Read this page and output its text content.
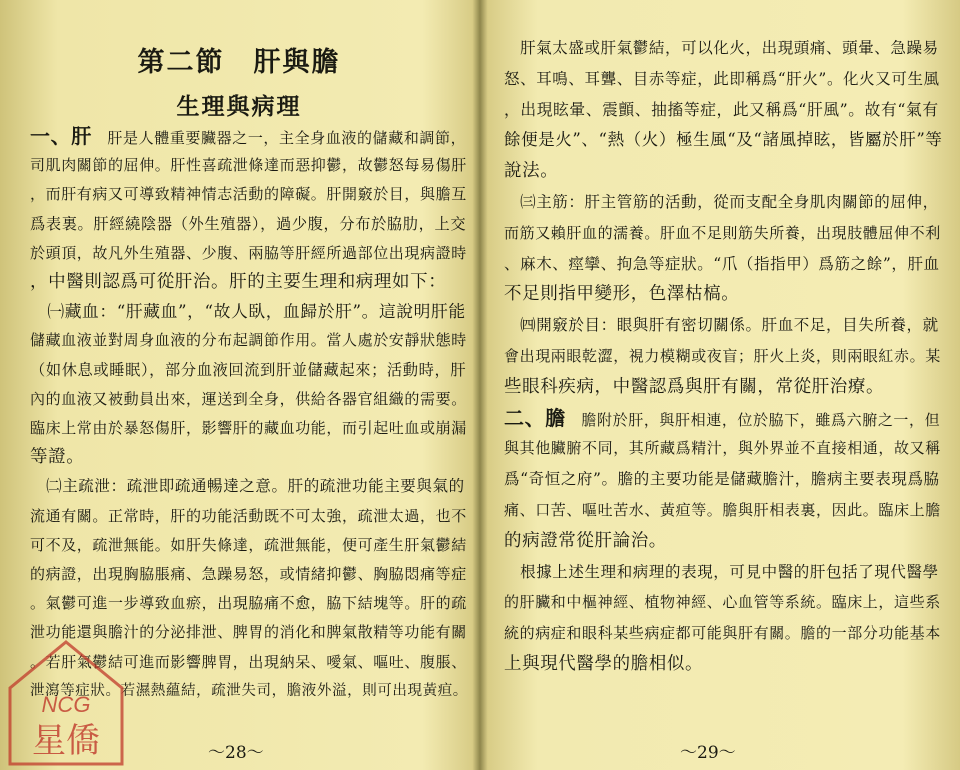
第二節　肝與膽
生理與病理
一、肝　肝是人體重要臟器之一，主全身血液的儲藏和調節，
司肌肉關節的屈伸。肝性喜疏泄條達而惡抑鬱，故鬱怒每易傷肝
，而肝有病又可導致精神情志活動的障礙。肝開竅於目，與膽互
爲表裏。肝經繞陰器（外生殖器），過少腹，分布於脇肋，上交
於頭頂，故凡外生殖器、少腹、兩脇等肝經所過部位出現病證時
，中醫則認爲可從肝治。肝的主要生理和病理如下：
　㈠藏血：“肝藏血”，“故人臥，血歸於肝”。這說明肝能
儲藏血液並對周身血液的分布起調節作用。當人處於安靜狀態時
（如休息或睡眠），部分血液回流到肝並儲藏起來；活動時，肝
內的血液又被動員出來，運送到全身，供給各器官組織的需要。
臨床上常由於暴怒傷肝，影響肝的藏血功能，而引起吐血或崩漏
等證。
　㈡主疏泄：疏泄即疏通暢達之意。肝的疏泄功能主要與氣的
流通有關。正常時，肝的功能活動既不可太強，疏泄太過，也不
可不及，疏泄無能。如肝失條達，疏泄無能，便可產生肝氣鬱結
的病證，出現胸脇脹痛、急躁易怒，或情緒抑鬱、胸脇悶痛等症
。氣鬱可進一步導致血瘀，出現脇痛不愈，脇下結塊等。肝的疏
泄功能還與膽汁的分泌排泄、脾胃的消化和脾氣散精等功能有關
。若肝氣鬱結可進而影響脾胃，出現納呆、噯氣、嘔吐、腹脹、
泄瀉等症狀。若濕熱蘊結，疏泄失司，膽液外溢，則可出現黃疸。
～28～
　肝氣太盛或肝氣鬱結，可以化火，出現頭痛、頭暈、急躁易
怒、耳鳴、耳聾、目赤等症，此即稱爲“肝火”。化火又可生風
，出現眩暈、震顫、抽搐等症，此又稱爲“肝風”。故有“氣有
餘便是火”、“熱（火）極生風“及“諸風掉眩，皆屬於肝”等
說法。
　㈢主筋：肝主管筋的活動，從而支配全身肌肉關節的屈伸，
而筋又賴肝血的濡養。肝血不足則筋失所養，出現肢體屈伸不利
、麻木、痙攣、拘急等症狀。“爪（指指甲）爲筋之餘”，肝血
不足則指甲變形，色澤枯槁。
　㈣開竅於目：眼與肝有密切關係。肝血不足，目失所養，就
會出現兩眼乾澀，視力模糊或夜盲；肝火上炎，則兩眼紅赤。某
些眼科疾病，中醫認爲與肝有關，常從肝治療。
二、膽　膽附於肝，與肝相連，位於脇下，雖爲六腑之一，但
與其他臟腑不同，其所藏爲精汁，與外界並不直接相通，故又稱
爲“奇恒之府”。膽的主要功能是儲藏膽汁，膽病主要表現爲脇
痛、口苦、嘔吐苦水、黃疸等。膽與肝相表裏，因此。臨床上膽
的病證常從肝論治。
　根據上述生理和病理的表現，可見中醫的肝包括了現代醫學
的肝臟和中樞神經、植物神經、心血管等系統。臨床上，這些系
統的病症和眼科某些病症都可能與肝有關。膽的一部分功能基本
上與現代醫學的膽相似。
～29～
NCG
星僑
